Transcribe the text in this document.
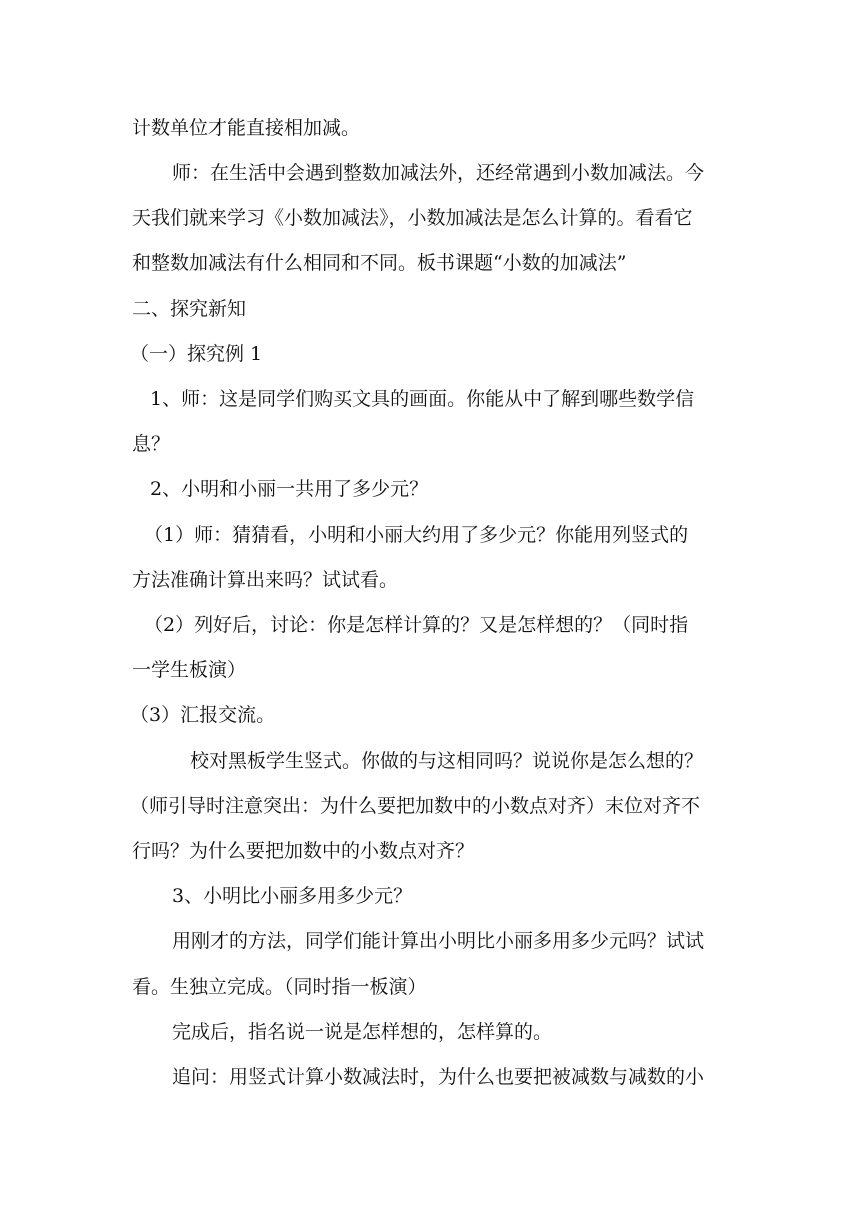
计数单位才能直接相加减。
师：在生活中会遇到整数加减法外，还经常遇到小数加减法。今
天我们就来学习《小数加减法》，小数加减法是怎么计算的。看看它
和整数加减法有什么相同和不同。板书课题“小数的加减法”
二、探究新知
（一）探究例 1
1、师：这是同学们购买文具的画面。你能从中了解到哪些数学信
息？
2、小明和小丽一共用了多少元？
（1）师：猜猜看，小明和小丽大约用了多少元？你能用列竖式的
方法准确计算出来吗？试试看。
（2）列好后，讨论：你是怎样计算的？又是怎样想的？（同时指
一学生板演）
（3）汇报交流。
校对黑板学生竖式。你做的与这相同吗？说说你是怎么想的？
（师引导时注意突出：为什么要把加数中的小数点对齐）末位对齐不
行吗？为什么要把加数中的小数点对齐？
3、小明比小丽多用多少元？
用刚才的方法，同学们能计算出小明比小丽多用多少元吗？试试
看。生独立完成。（同时指一板演）
完成后，指名说一说是怎样想的，怎样算的。
追问：用竖式计算小数减法时，为什么也要把被减数与减数的小
